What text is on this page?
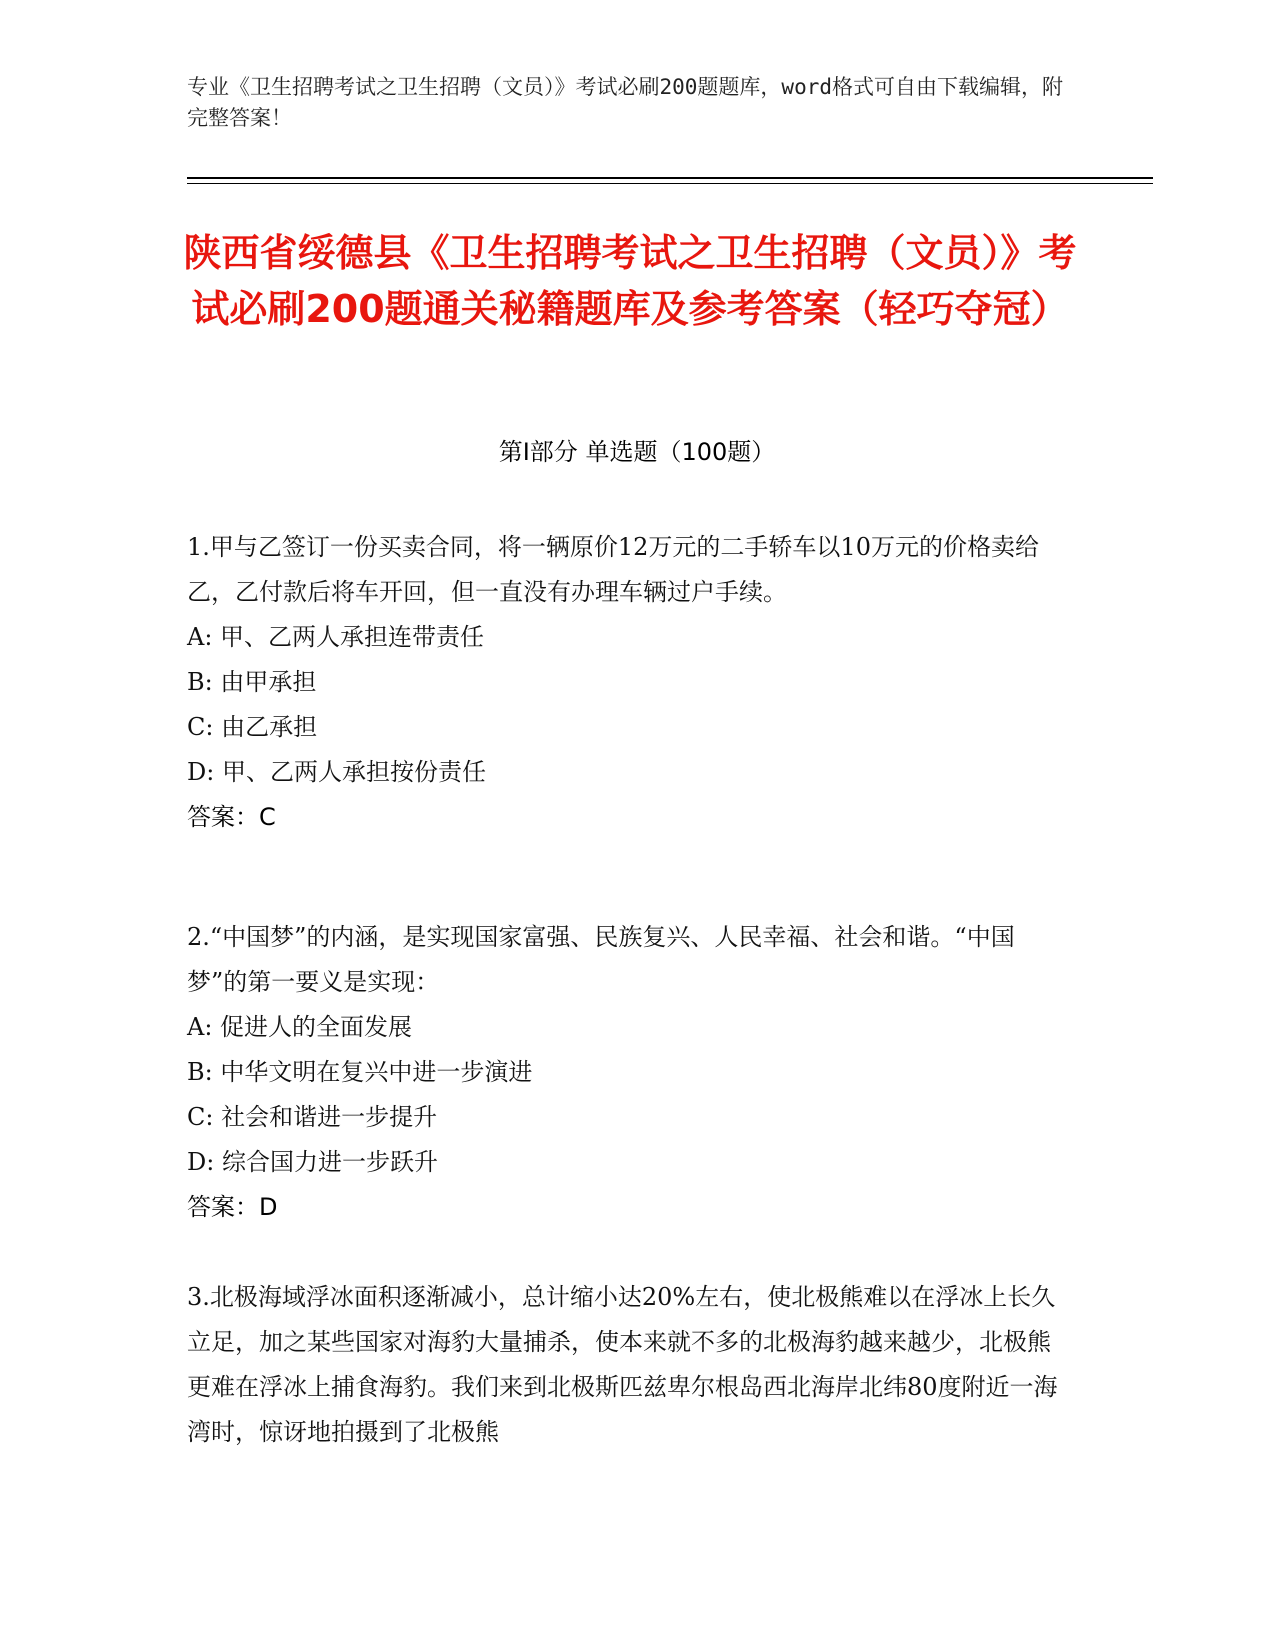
专业《卫生招聘考试之卫生招聘（文员）》考试必刷200题题库，word格式可自由下载编辑，附完整答案！
陕西省绥德县《卫生招聘考试之卫生招聘（文员）》考试必刷200题通关秘籍题库及参考答案（轻巧夺冠）
第I部分 单选题（100题）
1.甲与乙签订一份买卖合同，将一辆原价12万元的二手轿车以10万元的价格卖给乙，乙付款后将车开回，但一直没有办理车辆过户手续。
A: 甲、乙两人承担连带责任
B: 由甲承担
C: 由乙承担
D: 甲、乙两人承担按份责任
答案：C
2.“中国梦”的内涵，是实现国家富强、民族复兴、人民幸福、社会和谐。“中国梦”的第一要义是实现：
A: 促进人的全面发展
B: 中华文明在复兴中进一步演进
C: 社会和谐进一步提升
D: 综合国力进一步跃升
答案：D
3.北极海域浮冰面积逐渐减小，总计缩小达20%左右，使北极熊难以在浮冰上长久立足，加之某些国家对海豹大量捕杀，使本来就不多的北极海豹越来越少，北极熊更难在浮冰上捕食海豹。我们来到北极斯匹兹卑尔根岛西北海岸北纬80度附近一海湾时，惊讶地拍摄到了北极熊
